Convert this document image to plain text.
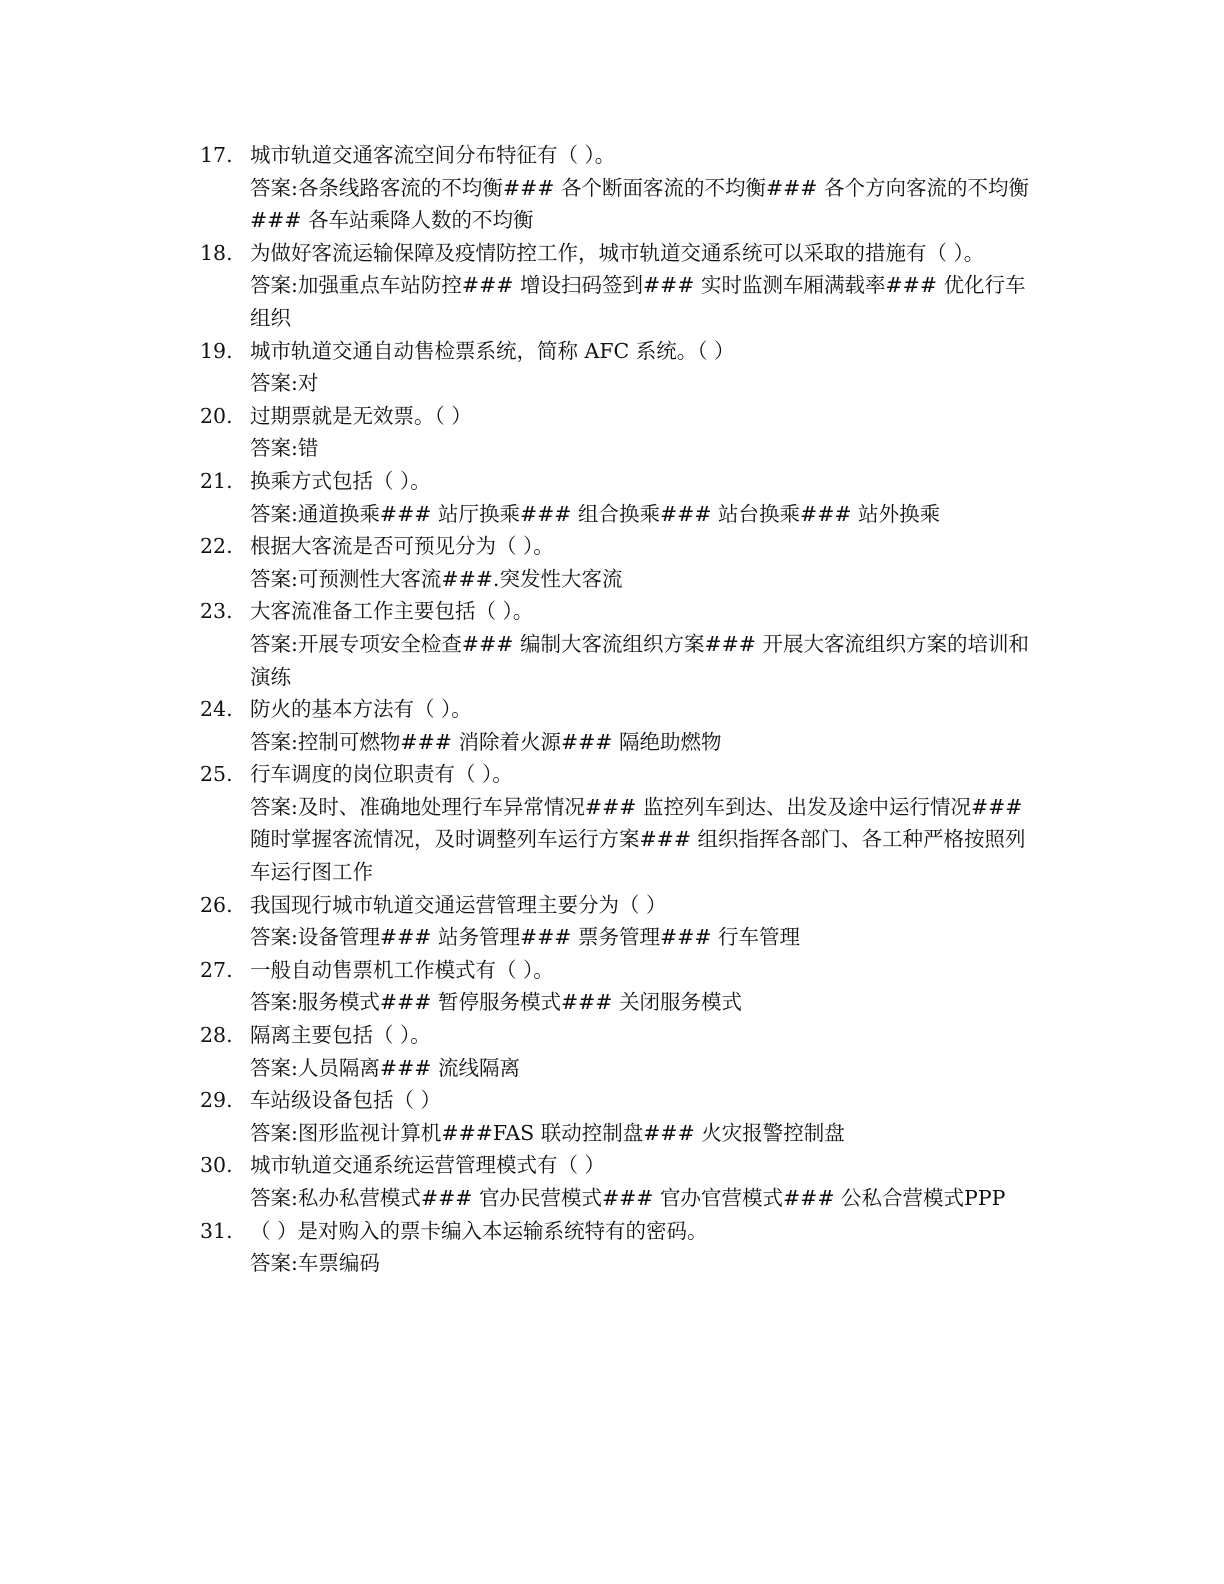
17. 城市轨道交通客流空间分布特征有（ ）。
答案:各条线路客流的不均衡### 各个断面客流的不均衡### 各个方向客流的不均衡### 各车站乘降人数的不均衡
18. 为做好客流运输保障及疫情防控工作，城市轨道交通系统可以采取的措施有（ ）。
答案:加强重点车站防控### 增设扫码签到### 实时监测车厢满载率### 优化行车组织
19. 城市轨道交通自动售检票系统，简称 AFC 系统。（ ）
答案:对
20. 过期票就是无效票。（ ）
答案:错
21. 换乘方式包括（ ）。
答案:通道换乘### 站厅换乘### 组合换乘### 站台换乘### 站外换乘
22. 根据大客流是否可预见分为（ ）。
答案:可预测性大客流###.突发性大客流
23. 大客流准备工作主要包括（ ）。
答案:开展专项安全检查### 编制大客流组织方案### 开展大客流组织方案的培训和演练
24. 防火的基本方法有（ ）。
答案:控制可燃物### 消除着火源### 隔绝助燃物
25. 行车调度的岗位职责有（ ）。
答案:及时、准确地处理行车异常情况### 监控列车到达、出发及途中运行情况### 随时掌握客流情况，及时调整列车运行方案### 组织指挥各部门、各工种严格按照列车运行图工作
26. 我国现行城市轨道交通运营管理主要分为（ ）
答案:设备管理### 站务管理### 票务管理### 行车管理
27. 一般自动售票机工作模式有（ ）。
答案:服务模式### 暂停服务模式### 关闭服务模式
28. 隔离主要包括（ ）。
答案:人员隔离### 流线隔离
29. 车站级设备包括（ ）
答案:图形监视计算机###FAS 联动控制盘### 火灾报警控制盘
30. 城市轨道交通系统运营管理模式有（ ）
答案:私办私营模式### 官办民营模式### 官办官营模式### 公私合营模式PPP
31. （ ）是对购入的票卡编入本运输系统特有的密码。
答案:车票编码
